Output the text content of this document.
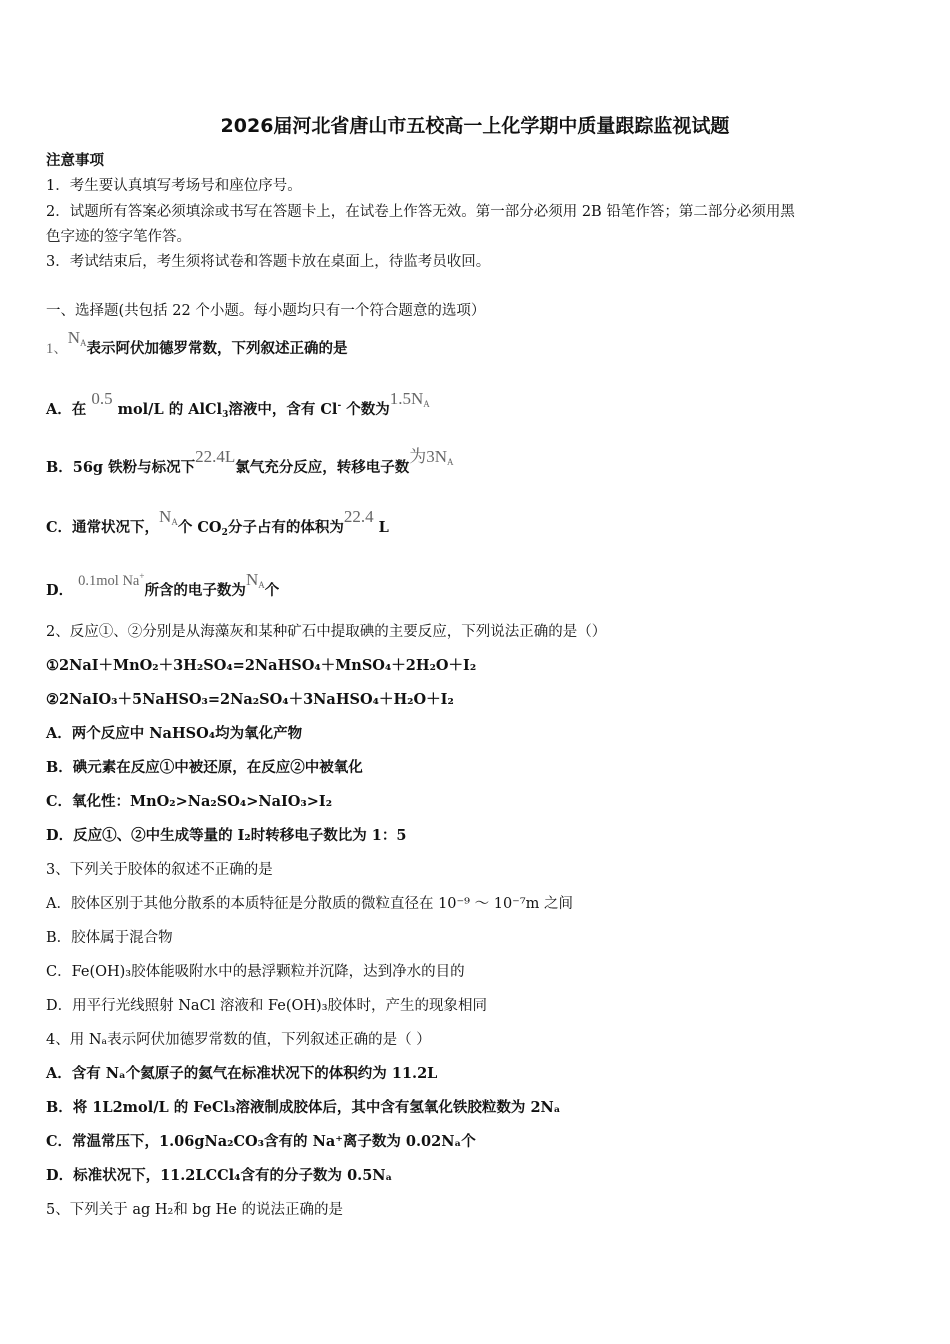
2026届河北省唐山市五校高一上化学期中质量跟踪监视试题
注意事项
1．考生要认真填写考场号和座位序号。
2．试题所有答案必须填涂或书写在答题卡上，在试卷上作答无效。第一部分必须用 2B 铅笔作答；第二部分必须用黑
色字迹的签字笔作答。
3．考试结束后，考生须将试卷和答题卡放在桌面上，待监考员收回。
一、选择题(共包括 22 个小题。每小题均只有一个符合题意的选项）
1、$N_A$表示阿伏加德罗常数，下列叙述正确的是
A．在 0.5 mol/L 的 AlCl$_3$溶液中，含有 Cl- 个数为$1.5N_A$
B．56g 铁粉与标况下22.4L氯气充分反应，转移电子数为$3N_A$
C．通常状况下，$N_A$个 $CO_2$分子占有的体积为22.4 L
D． 0.1mol Na+所含的电子数为$N_A$个
2、反应①、②分别是从海藻灰和某种矿石中提取碘的主要反应，下列说法正确的是（）
①2NaI＋MnO₂＋3H₂SO₄=2NaHSO₄＋MnSO₄＋2H₂O＋I₂
②2NaIO₃＋5NaHSO₃=2Na₂SO₄＋3NaHSO₄＋H₂O＋I₂
A．两个反应中 NaHSO₄均为氧化产物
B．碘元素在反应①中被还原，在反应②中被氧化
C．氧化性：MnO₂>Na₂SO₄>NaIO₃>I₂
D．反应①、②中生成等量的 I₂时转移电子数比为 1：5
3、下列关于胶体的叙述不正确的是
A．胶体区别于其他分散系的本质特征是分散质的微粒直径在 10⁻⁹ ～ 10⁻⁷m 之间
B．胶体属于混合物
C．Fe(OH)₃胶体能吸附水中的悬浮颗粒并沉降，达到净水的目的
D．用平行光线照射 NaCl 溶液和 Fe(OH)₃胶体时，产生的现象相同
4、用 Nₐ表示阿伏加德罗常数的值，下列叙述正确的是（ ）
A．含有 Nₐ个氦原子的氦气在标准状况下的体积约为 11.2L
B．将 1L2mol/L 的 FeCl₃溶液制成胶体后，其中含有氢氧化铁胶粒数为 2Nₐ
C．常温常压下，1.06gNa₂CO₃含有的 Na⁺离子数为 0.02Nₐ个
D．标准状况下，11.2LCCl₄含有的分子数为 0.5Nₐ
5、下列关于 ag H₂和 bg He 的说法正确的是
